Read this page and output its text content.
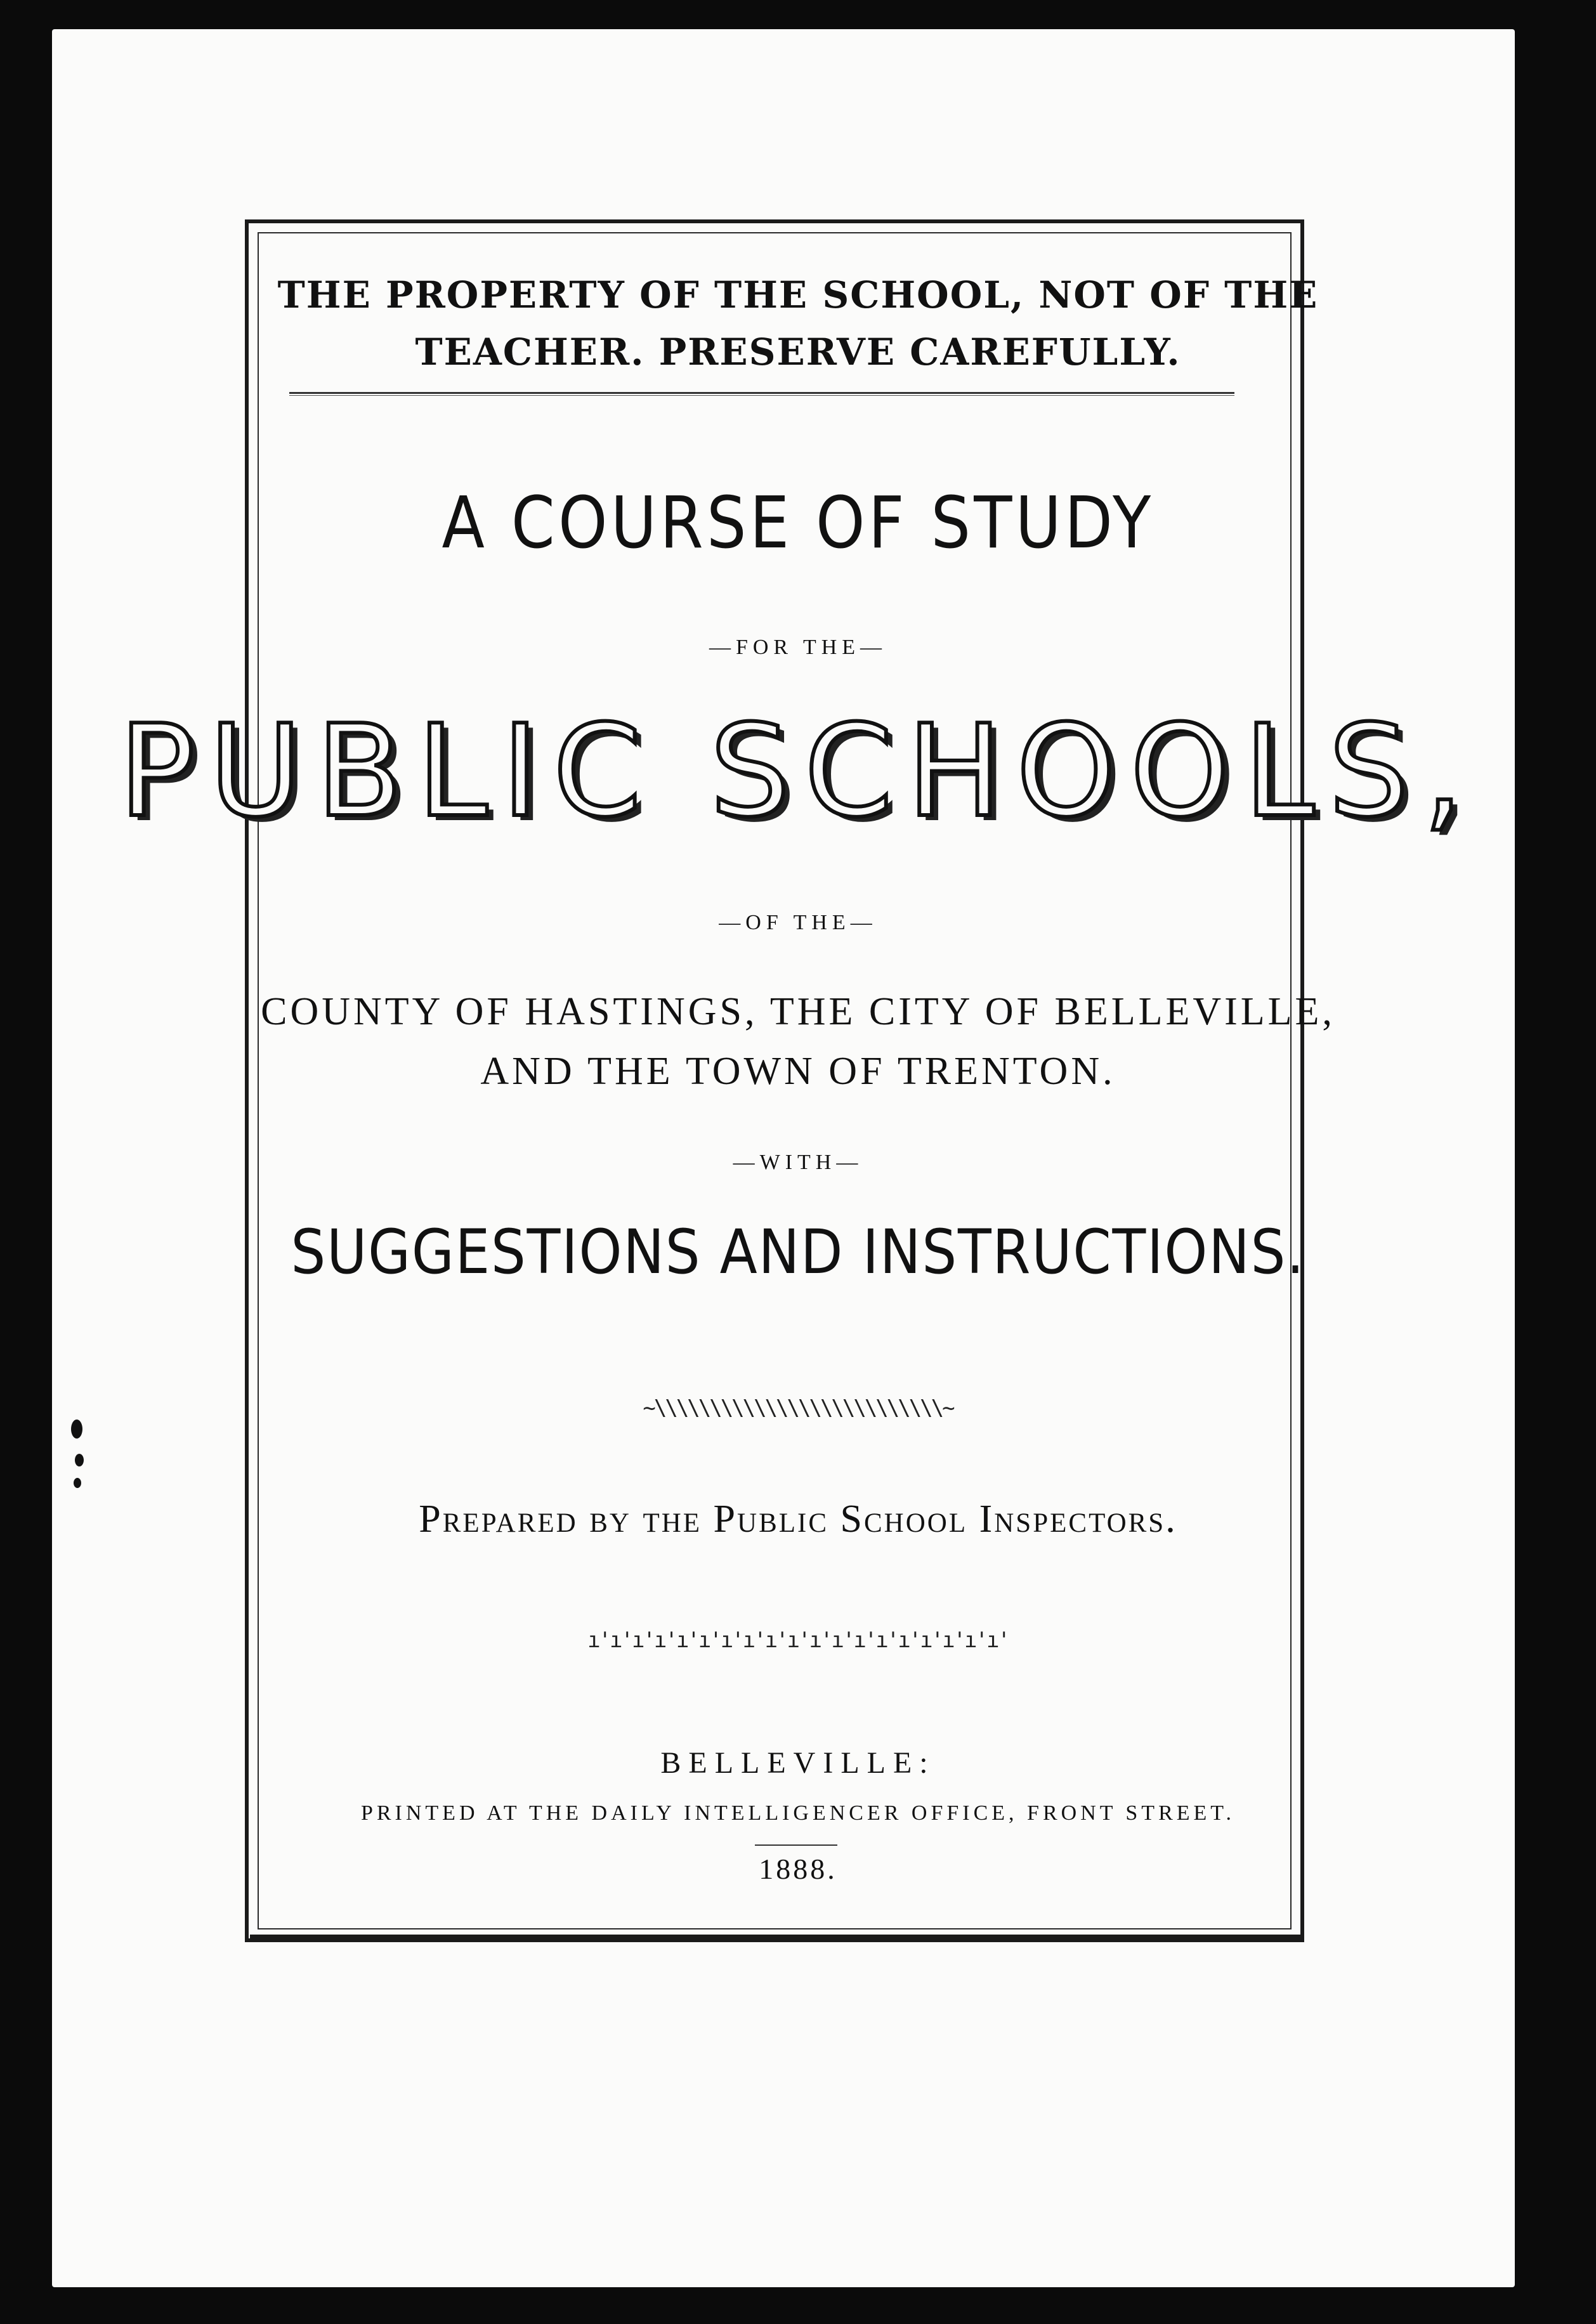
THE PROPERTY OF THE SCHOOL, NOT OF THE
TEACHER. PRESERVE CAREFULLY.
A COURSE OF STUDY
—FOR THE—
PUBLIC SCHOOLS,
—OF THE—
COUNTY OF HASTINGS, THE CITY OF BELLEVILLE,
AND THE TOWN OF TRENTON.
—WITH—
SUGGESTIONS AND INSTRUCTIONS.
~\\\\\\\\\\\\\\\\\\\\\\\\\\~
Prepared by the Public School Inspectors.
ı'ı'ı'ı'ı'ı'ı'ı'ı'ı'ı'ı'ı'ı'ı'ı'ı'ı'ı'
BELLEVILLE:
PRINTED AT THE DAILY INTELLIGENCER OFFICE, FRONT STREET.
1888.
